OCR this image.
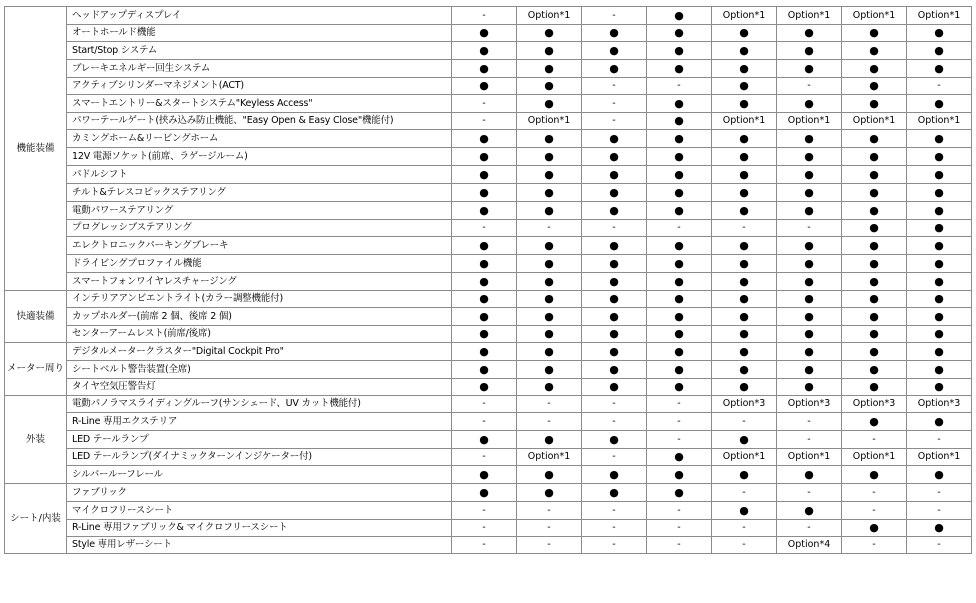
機能装備	ヘッドアップディスプレイ	-	Option*1	-	●	Option*1	Option*1	Option*1	Option*1
	オートホールド機能	●	●	●	●	●	●	●	●
	Start/Stop システム	●	●	●	●	●	●	●	●
	ブレーキエネルギー回生システム	●	●	●	●	●	●	●	●
	アクティブシリンダーマネジメント(ACT)	●	●	-	-	●	-	●	-
	スマートエントリー&スタートシステム"Keyless Access"	-	●	-	●	●	●	●	●
	パワーテールゲート(挟み込み防止機能、"Easy Open & Easy Close"機能付)	-	Option*1	-	●	Option*1	Option*1	Option*1	Option*1
	カミングホーム&リービングホーム	●	●	●	●	●	●	●	●
	12V 電源ソケット(前席、ラゲージルーム)	●	●	●	●	●	●	●	●
	パドルシフト	●	●	●	●	●	●	●	●
	チルト&テレスコピックステアリング	●	●	●	●	●	●	●	●
	電動パワーステアリング	●	●	●	●	●	●	●	●
	プログレッシブステアリング	-	-	-	-	-	-	●	●
	エレクトロニックパーキングブレーキ	●	●	●	●	●	●	●	●
	ドライビングプロファイル機能	●	●	●	●	●	●	●	●
	スマートフォンワイヤレスチャージング	●	●	●	●	●	●	●	●
快適装備	インテリアアンビエントライト(カラー調整機能付)	●	●	●	●	●	●	●	●
	カップホルダー(前席 2 個、後席 2 個)	●	●	●	●	●	●	●	●
	センターアームレスト(前席/後席)	●	●	●	●	●	●	●	●
メーター周り	デジタルメータークラスター"Digital Cockpit Pro"	●	●	●	●	●	●	●	●
	シートベルト警告装置(全席)	●	●	●	●	●	●	●	●
	タイヤ空気圧警告灯	●	●	●	●	●	●	●	●
外装	電動パノラマスライディングルーフ(サンシェード、UV カット機能付)	-	-	-	-	Option*3	Option*3	Option*3	Option*3
	R-Line 専用エクステリア	-	-	-	-	-	-	●	●
	LED テールランプ	●	●	●	-	●	-	-	-
	LED テールランプ(ダイナミックターンインジケーター付)	-	Option*1	-	●	Option*1	Option*1	Option*1	Option*1
	シルバールーフレール	●	●	●	●	●	●	●	●
シート/内装	ファブリック	●	●	●	●	-	-	-	-
	マイクロフリースシート	-	-	-	-	●	●	-	-
	R-Line 専用ファブリック& マイクロフリースシート	-	-	-	-	-	-	●	●
	Style 専用レザーシート	-	-	-	-	-	Option*4	-	-
